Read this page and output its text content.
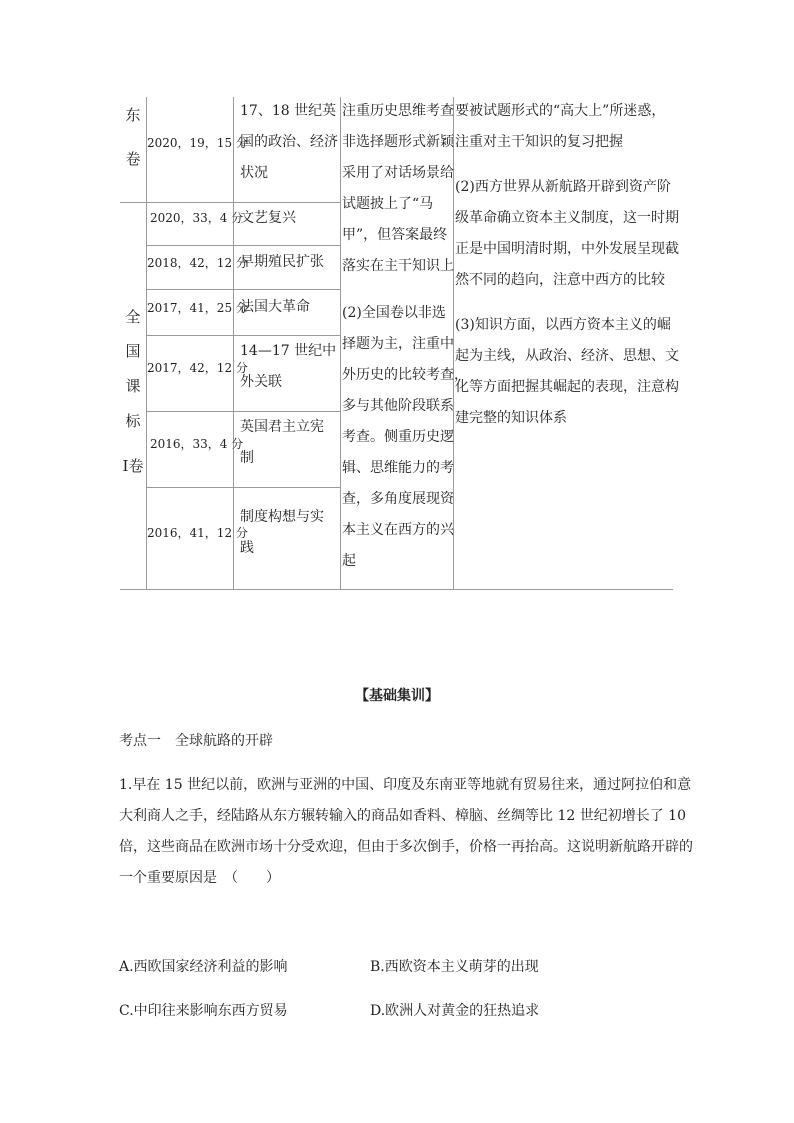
东
卷
全
国
课
标
Ⅰ卷
2020，19，15 分
2020，33，4 分
2018，42，12 分
2017，41，25 分
2017，42，12 分
2016，33，4 分
2016，41，12 分
17、18 世纪英
国的政治、经济
状况
文艺复兴
早期殖民扩张
法国大革命
14—17 世纪中
外关联
英国君主立宪
制
制度构想与实
践
注重历史思维考查
非选择题形式新颖
采用了对话场景给
试题披上了“马
甲”，但答案最终
落实在主干知识上
(2)全国卷以非选
择题为主，注重中
外历史的比较考查，
多与其他阶段联系
考查。侧重历史逻
辑、思维能力的考
查，多角度展现资
本主义在西方的兴
起
要被试题形式的“高大上”所迷惑，
注重对主干知识的复习把握
(2)西方世界从新航路开辟到资产阶
级革命确立资本主义制度，这一时期
正是中国明清时期，中外发展呈现截
然不同的趋向，注意中西方的比较
(3)知识方面，以西方资本主义的崛
起为主线，从政治、经济、思想、文
化等方面把握其崛起的表现，注意构
建完整的知识体系
【基础集训】
考点一　全球航路的开辟
1.早在 15 世纪以前，欧洲与亚洲的中国、印度及东南亚等地就有贸易往来，通过阿拉伯和意
大利商人之手，经陆路从东方辗转输入的商品如香料、樟脑、丝绸等比 12 世纪初增长了 10
倍，这些商品在欧洲市场十分受欢迎，但由于多次倒手，价格一再抬高。这说明新航路开辟的
一个重要原因是　（　　）
A.西欧国家经济利益的影响	B.西欧资本主义萌芽的出现
C.中印往来影响东西方贸易	D.欧洲人对黄金的狂热追求
